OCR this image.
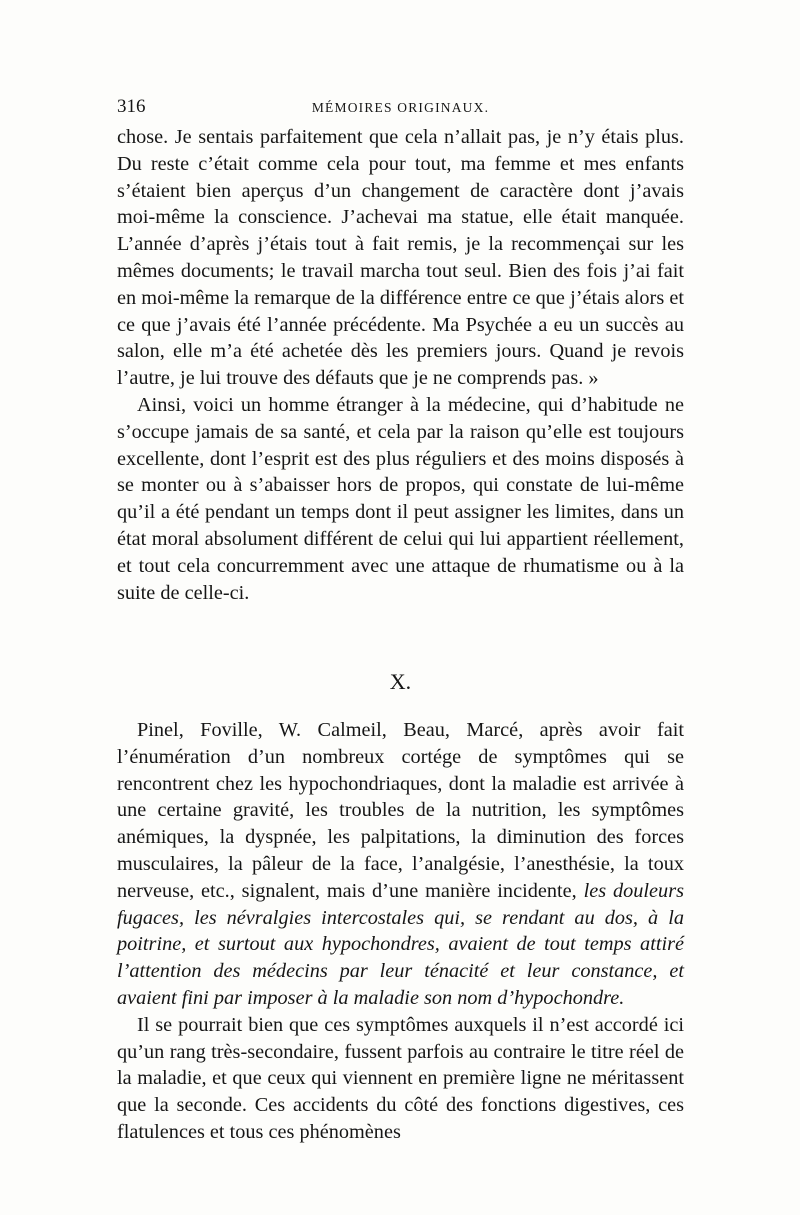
316	MÉMOIRES ORIGINAUX.

chose. Je sentais parfaitement que cela n’allait pas, je n’y étais plus. Du reste c’était comme cela pour tout, ma femme et mes enfants s’étaient bien aperçus d’un changement de caractère dont j’avais moi-même la conscience. J’achevai ma statue, elle était manquée. L’année d’après j’étais tout à fait remis, je la recommençai sur les mêmes documents; le travail marcha tout seul. Bien des fois j’ai fait en moi-même la remarque de la différence entre ce que j’étais alors et ce que j’avais été l’année précédente. Ma Psychée a eu un succès au salon, elle m’a été achetée dès les premiers jours. Quand je revois l’autre, je lui trouve des défauts que je ne comprends pas. »

Ainsi, voici un homme étranger à la médecine, qui d’habitude ne s’occupe jamais de sa santé, et cela par la raison qu’elle est toujours excellente, dont l’esprit est des plus réguliers et des moins disposés à se monter ou à s’abaisser hors de propos, qui constate de lui-même qu’il a été pendant un temps dont il peut assigner les limites, dans un état moral absolument différent de celui qui lui appartient réellement, et tout cela concurremment avec une attaque de rhumatisme ou à la suite de celle-ci.

X.

Pinel, Foville, W. Calmeil, Beau, Marcé, après avoir fait l’énumération d’un nombreux cortége de symptômes qui se rencontrent chez les hypochondriaques, dont la maladie est arrivée à une certaine gravité, les troubles de la nutrition, les symptômes anémiques, la dyspnée, les palpitations, la diminution des forces musculaires, la pâleur de la face, l’analgésie, l’anesthésie, la toux nerveuse, etc., signalent, mais d’une manière incidente, les douleurs fugaces, les névralgies intercostales qui, se rendant au dos, à la poitrine, et surtout aux hypochondres, avaient de tout temps attiré l’attention des médecins par leur ténacité et leur constance, et avaient fini par imposer à la maladie son nom d’hypochondre.

Il se pourrait bien que ces symptômes auxquels il n’est accordé ici qu’un rang très-secondaire, fussent parfois au contraire le titre réel de la maladie, et que ceux qui viennent en première ligne ne méritassent que la seconde. Ces accidents du côté des fonctions digestives, ces flatulences et tous ces phénomènes
